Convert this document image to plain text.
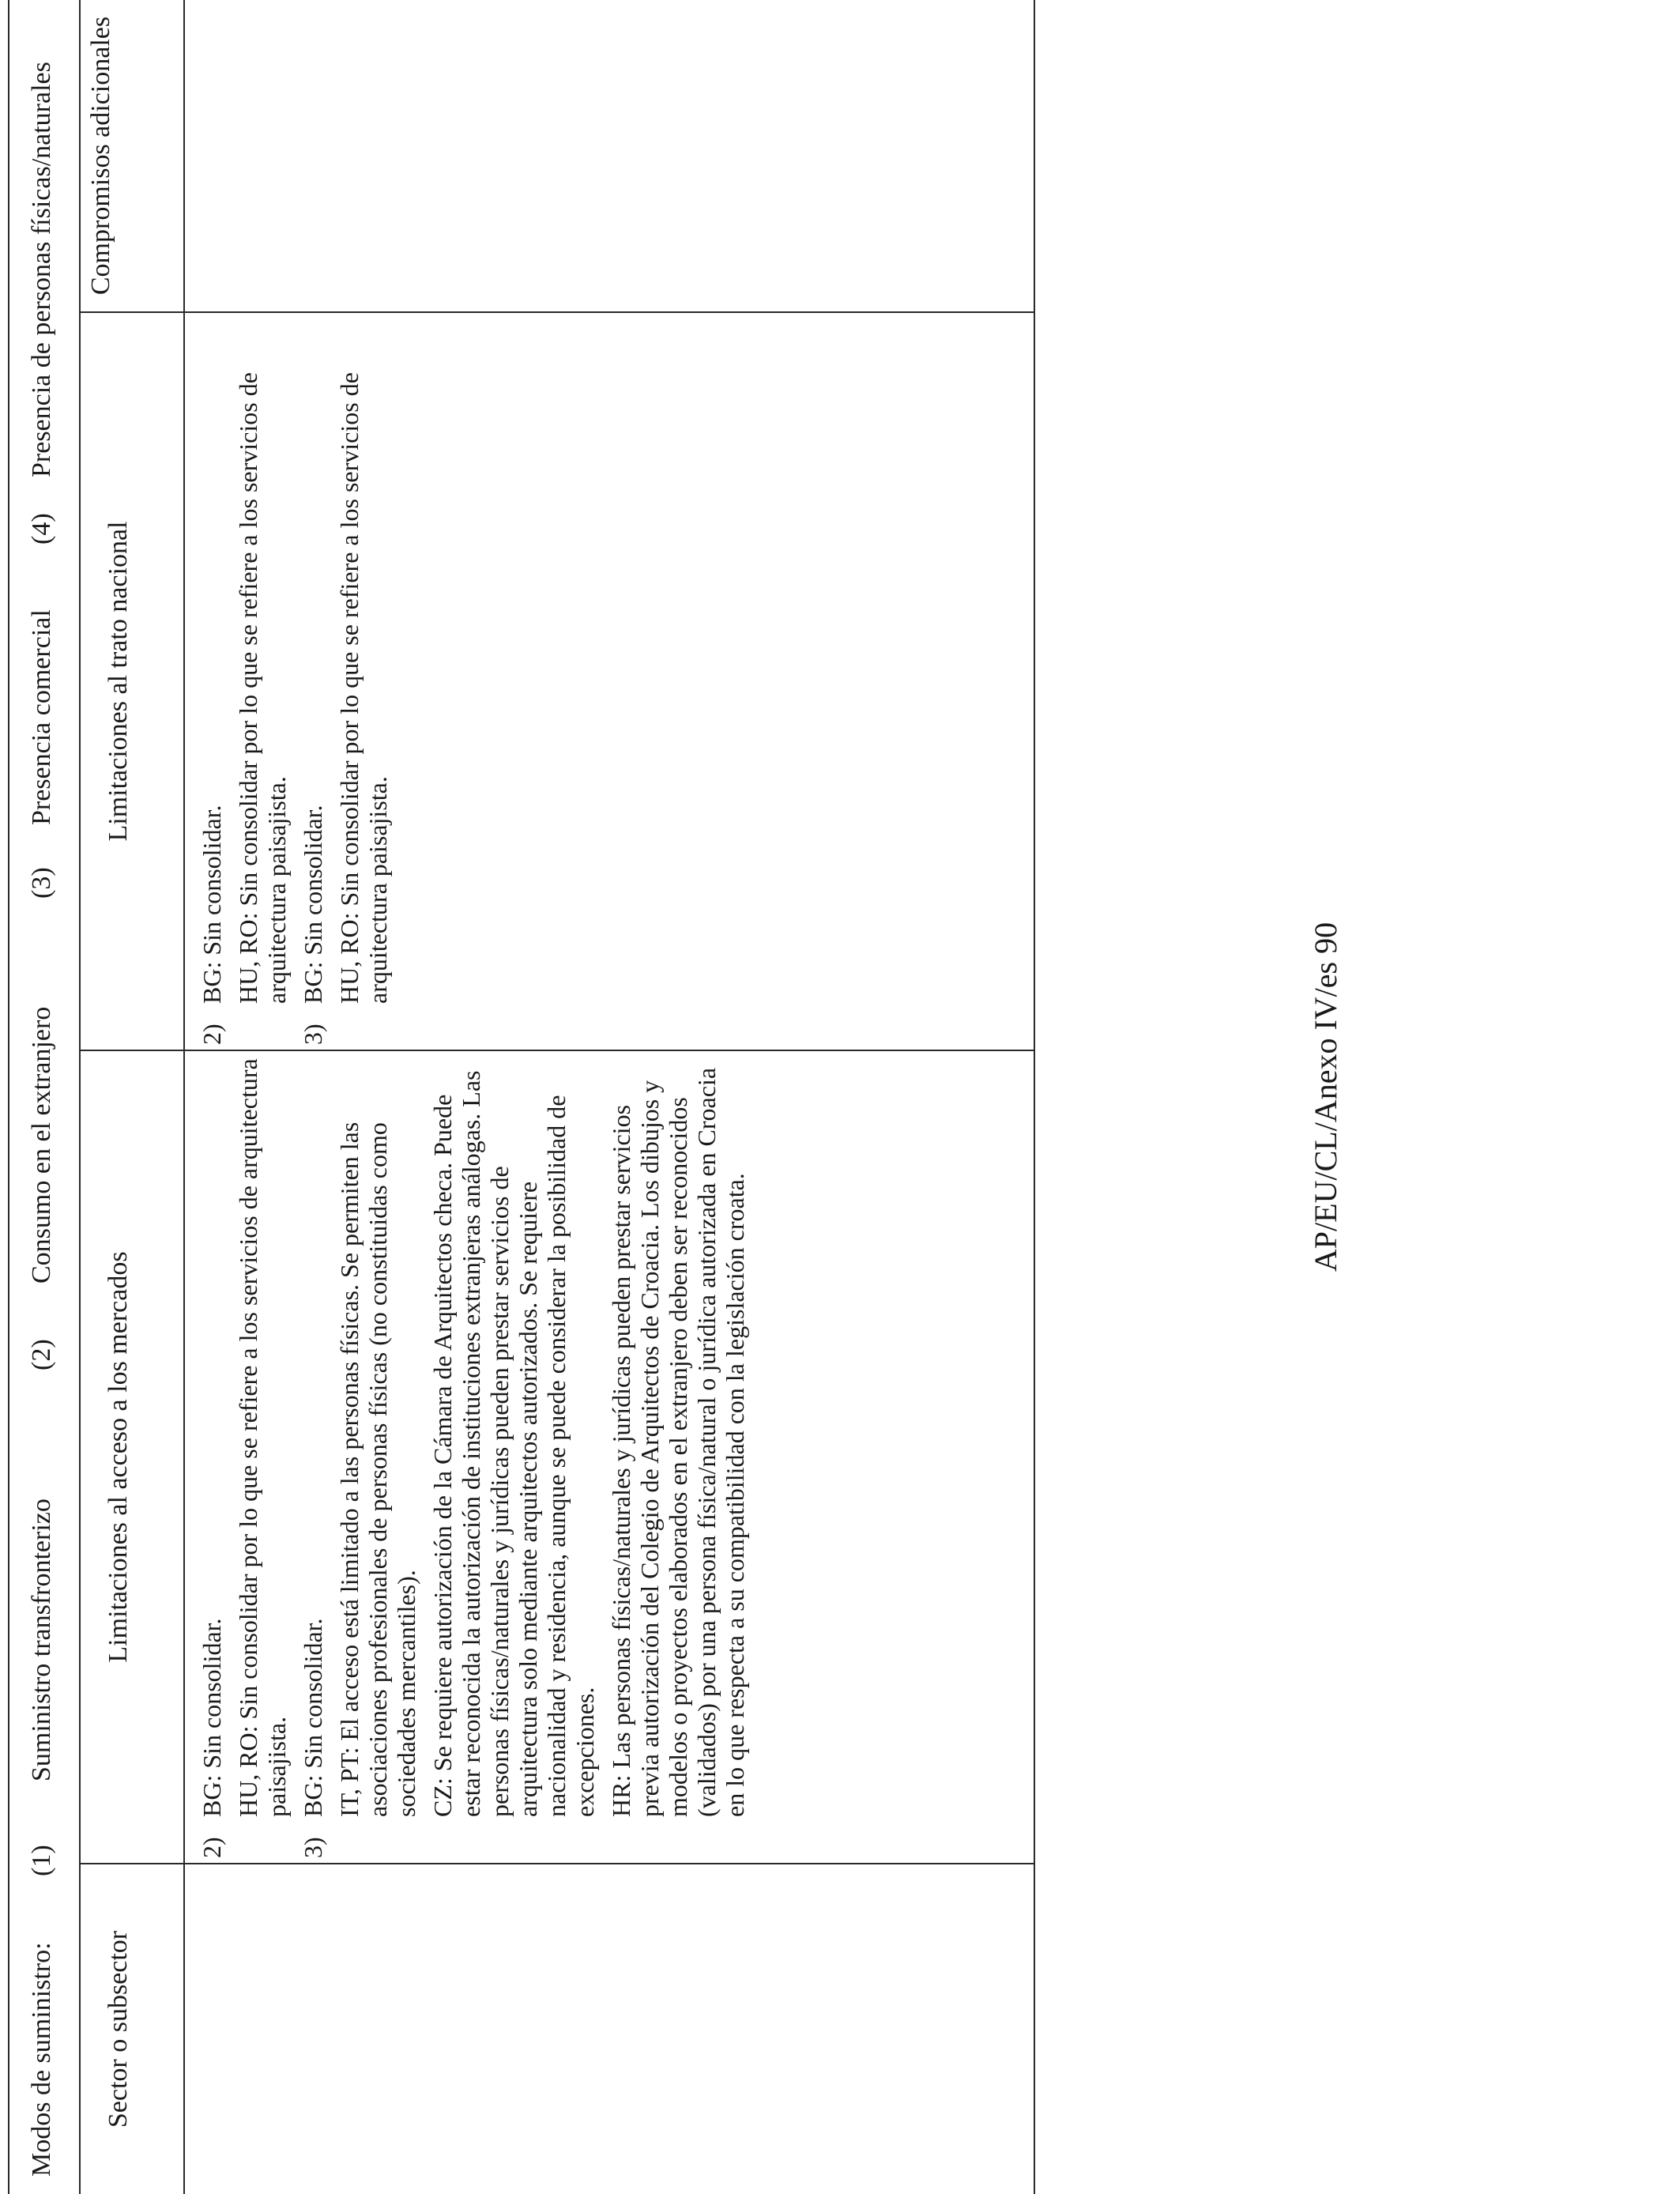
Modos de suministro:
(1)
Suministro transfronterizo
(2)
Consumo en el extranjero
(3)
Presencia comercial
(4)
Presencia de personas físicas/naturales
Sector o subsector
Limitaciones al acceso a los mercados
Limitaciones al trato nacional
Compromisos adicionales
2)
BG: Sin consolidar. HU, RO: Sin consolidar por lo que se refiere a los servicios de arquitectura paisajista.
3)
BG: Sin consolidar. IT, PT: El acceso está limitado a las personas físicas. Se permiten las asociaciones profesionales de personas físicas (no constituidas como sociedades mercantiles). CZ: Se requiere autorización de la Cámara de Arquitectos checa. Puede estar reconocida la autorización de instituciones extranjeras análogas. Las personas físicas/naturales y jurídicas pueden prestar servicios de arquitectura solo mediante arquitectos autorizados. Se requiere nacionalidad y residencia, aunque se puede considerar la posibilidad de excepciones. HR: Las personas físicas/naturales y jurídicas pueden prestar servicios previa autorización del Colegio de Arquitectos de Croacia. Los dibujos y modelos o proyectos elaborados en el extranjero deben ser reconocidos (validados) por una persona física/natural o jurídica autorizada en Croacia en lo que respecta a su compatibilidad con la legislación croata.
2)
BG: Sin consolidar. HU, RO: Sin consolidar por lo que se refiere a los servicios de arquitectura paisajista.
3)
BG: Sin consolidar. HU, RO: Sin consolidar por lo que se refiere a los servicios de arquitectura paisajista.
AP/EU/CL/Anexo IV/es 90
